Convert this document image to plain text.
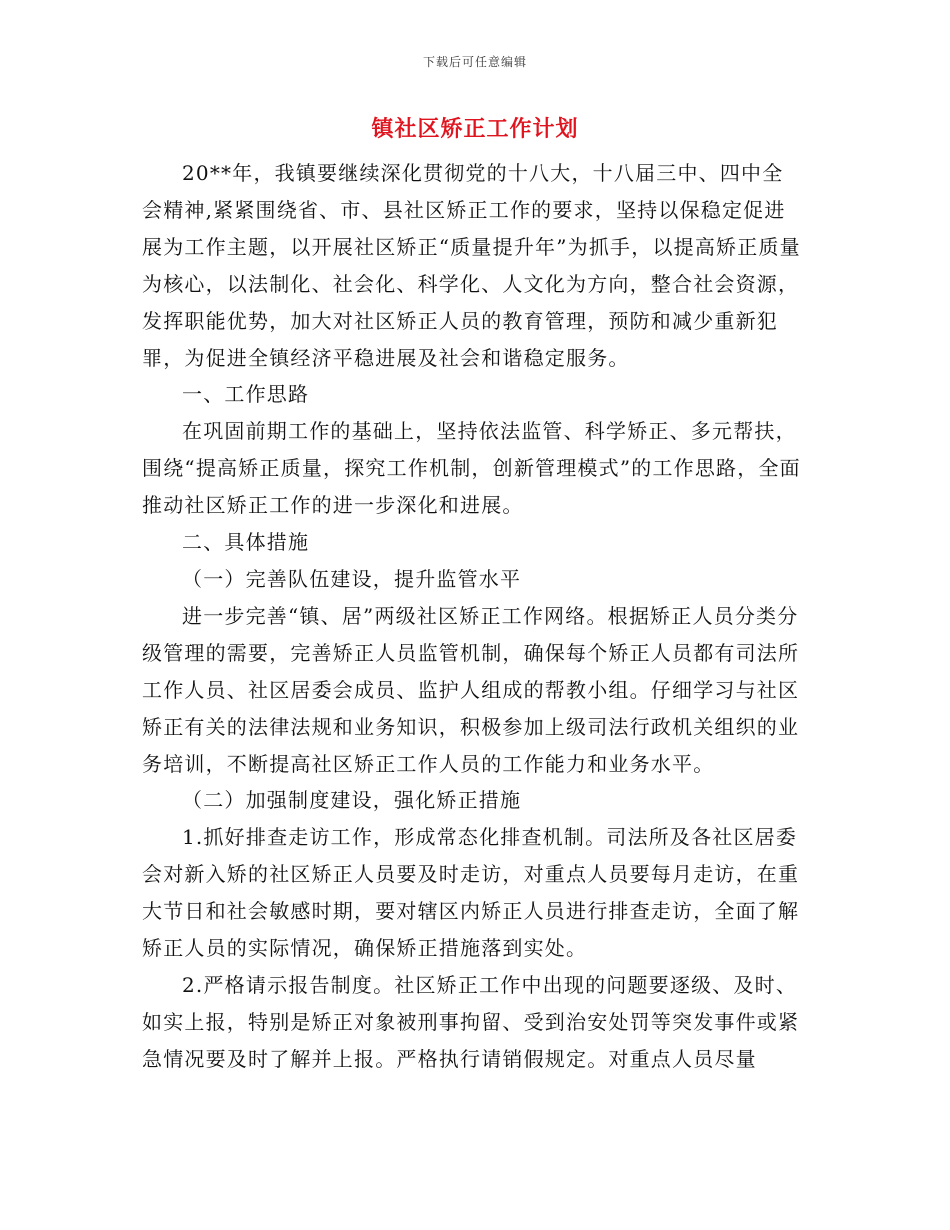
下载后可任意编辑
镇社区矫正工作计划

20**年，我镇要继续深化贯彻党的十八大，十八届三中、四中全会精神,紧紧围绕省、市、县社区矫正工作的要求，坚持以保稳定促进展为工作主题，以开展社区矫正“质量提升年”为抓手，以提高矫正质量为核心，以法制化、社会化、科学化、人文化为方向，整合社会资源，发挥职能优势，加大对社区矫正人员的教育管理，预防和减少重新犯罪，为促进全镇经济平稳进展及社会和谐稳定服务。

一、工作思路

在巩固前期工作的基础上，坚持依法监管、科学矫正、多元帮扶，围绕“提高矫正质量，探究工作机制，创新管理模式”的工作思路，全面推动社区矫正工作的进一步深化和进展。

二、具体措施

（一）完善队伍建设，提升监管水平

进一步完善“镇、居”两级社区矫正工作网络。根据矫正人员分类分级管理的需要，完善矫正人员监管机制，确保每个矫正人员都有司法所工作人员、社区居委会成员、监护人组成的帮教小组。仔细学习与社区矫正有关的法律法规和业务知识，积极参加上级司法行政机关组织的业务培训，不断提高社区矫正工作人员的工作能力和业务水平。

（二）加强制度建设，强化矫正措施

1.抓好排查走访工作，形成常态化排查机制。司法所及各社区居委会对新入矫的社区矫正人员要及时走访，对重点人员要每月走访，在重大节日和社会敏感时期，要对辖区内矫正人员进行排查走访，全面了解矫正人员的实际情况，确保矫正措施落到实处。

2.严格请示报告制度。社区矫正工作中出现的问题要逐级、及时、如实上报，特别是矫正对象被刑事拘留、受到治安处罚等突发事件或紧急情况要及时了解并上报。严格执行请销假规定。对重点人员尽量
